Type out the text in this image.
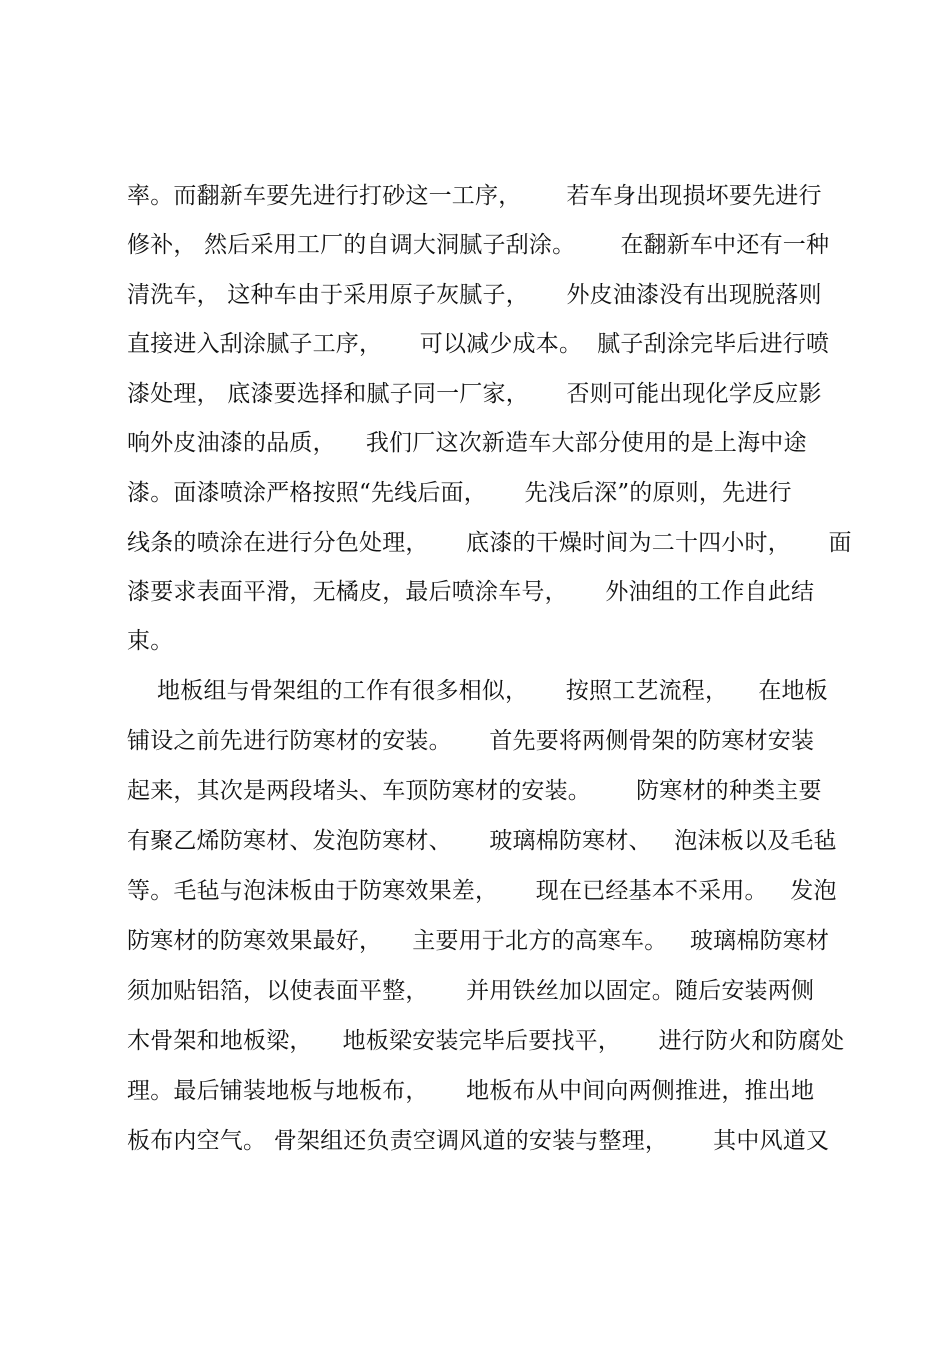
率。而翻新车要先进行打砂这一工序，      若车身出现损坏要先进行
修补， 然后采用工厂的自调大洞腻子刮涂。      在翻新车中还有一种
清洗车， 这种车由于采用原子灰腻子，     外皮油漆没有出现脱落则
直接进入刮涂腻子工序，     可以减少成本。  腻子刮涂完毕后进行喷
漆处理， 底漆要选择和腻子同一厂家，     否则可能出现化学反应影
响外皮油漆的品质，    我们厂这次新造车大部分使用的是上海中途
漆。面漆喷涂严格按照“先线后面，     先浅后深”的原则，先进行
线条的喷涂在进行分色处理，     底漆的干燥时间为二十四小时，     面
漆要求表面平滑，无橘皮，最后喷涂车号，     外油组的工作自此结
束。
地板组与骨架组的工作有很多相似，     按照工艺流程，    在地板
铺设之前先进行防寒材的安装。     首先要将两侧骨架的防寒材安装
起来，其次是两段堵头、车顶防寒材的安装。      防寒材的种类主要
有聚乙烯防寒材、发泡防寒材、     玻璃棉防寒材、   泡沫板以及毛毡
等。毛毡与泡沫板由于防寒效果差，     现在已经基本不采用。   发泡
防寒材的防寒效果最好，    主要用于北方的高寒车。   玻璃棉防寒材
须加贴铝箔，以使表面平整，     并用铁丝加以固定。随后安装两侧
木骨架和地板梁，    地板梁安装完毕后要找平，     进行防火和防腐处
理。最后铺装地板与地板布，     地板布从中间向两侧推进，推出地
板布内空气。 骨架组还负责空调风道的安装与整理，      其中风道又
